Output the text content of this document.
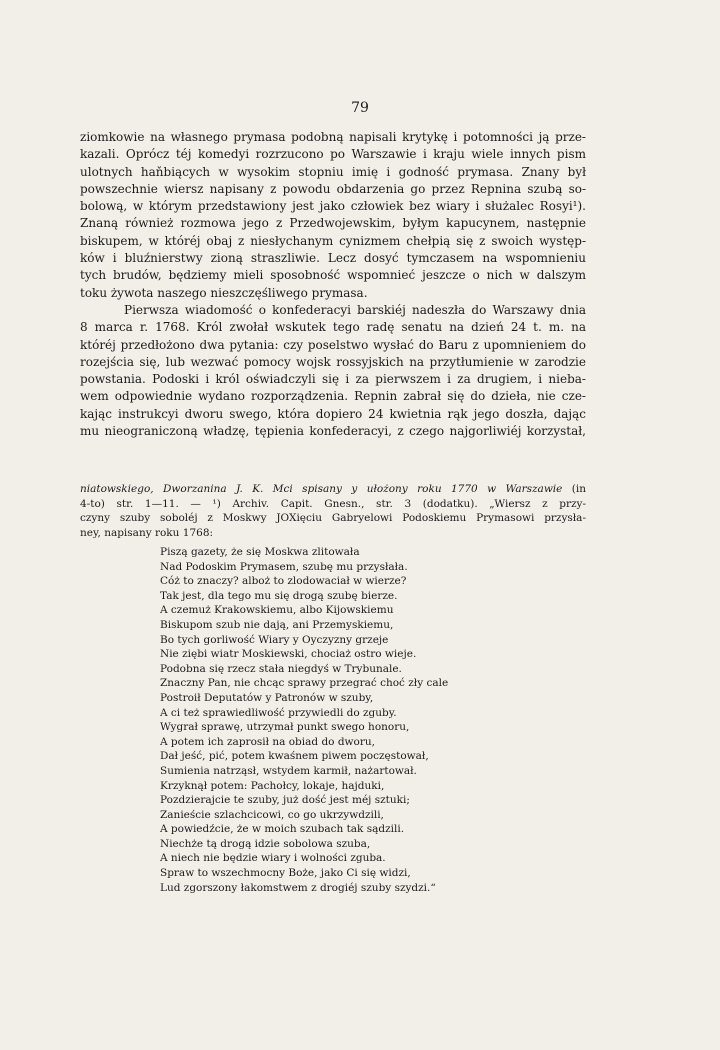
79

ziomkowie na własnego prymasa podobną napisali krytykę i potomności ją prze-
kazali. Oprócz téj komedyi rozrzucono po Warszawie i kraju wiele innych pism
ulotnych haňbiących w wysokim stopniu imię i godność prymasa. Znany był
powszechnie wiersz napisany z powodu obdarzenia go przez Repnina szubą so-
bolową, w którym przedstawiony jest jako człowiek bez wiary i służalec Rosyi¹).
Znaną również rozmowa jego z Przedwojewskim, byłym kapucynem, następnie
biskupem, w któréj obaj z niesłychanym cynizmem chełpią się z swoich występ-
ków i bluźnierstwy zioną straszliwie. Lecz dosyć tymczasem na wspomnieniu
tych brudów, będziemy mieli sposobność wspomnieć jeszcze o nich w dalszym
toku żywota naszego nieszczęśliwego prymasa.

Pierwsza wiadomość o konfederacyi barskiéj nadeszła do Warszawy dnia
8 marca r. 1768. Król zwołał wskutek tego radę senatu na dzień 24 t. m. na
któréj przedłożono dwa pytania: czy poselstwo wysłać do Baru z upomnieniem do
rozejścia się, lub wezwać pomocy wojsk rossyjskich na przytłumienie w zarodzie
powstania. Podoski i król oświadczyli się i za pierwszem i za drugiem, i nieba-
wem odpowiednie wydano rozporządzenia. Repnin zabrał się do dzieła, nie cze-
kając instrukcyi dworu swego, która dopiero 24 kwietnia rąk jego doszła, dając
mu nieograniczoną władzę, tępienia konfederacyi, z czego najgorliwiéj korzystał,

niatowskiego, Dworzanina J. K. Mci spisany y ułożony roku 1770 w Warszawie (in
4-to) str. 1—11. — ¹) Archiv. Capit. Gnesn., str. 3 (dodatku). „Wiersz z przy-
czyny szuby soboléj z Moskwy JOXięciu Gabryelowi Podoskiemu Prymasowi przysła-
ney, napisany roku 1768:
Piszą gazety, że się Moskwa zlitowała
Nad Podoskim Prymasem, szubę mu przysłała.
Cóż to znaczy? alboż to zlodowaciał w wierze?
Tak jest, dla tego mu się drogą szubę bierze.
A czemuż Krakowskiemu, albo Kijowskiemu
Biskupom szub nie dają, ani Przemyskiemu,
Bo tych gorliwość Wiary y Oyczyzny grzeje
Nie ziębi wiatr Moskiewski, chociaż ostro wieje.
Podobna się rzecz stała niegdyś w Trybunale.
Znaczny Pan, nie chcąc sprawy przegrać choć zły cale
Postroił Deputatów y Patronów w szuby,
A ci też sprawiedliwość przywiedli do zguby.
Wygrał sprawę, utrzymał punkt swego honoru,
A potem ich zaprosił na obiad do dworu,
Dał jeść, pić, potem kwaśnem piwem poczęstował,
Sumienia natrząsł, wstydem karmił, nażartował.
Krzyknął potem: Pachołcy, lokaje, hajduki,
Pozdzierajcie te szuby, już dość jest méj sztuki;
Zanieście szlachcicowi, co go ukrzywdzili,
A powiedźcie, że w moich szubach tak sądzili.
Niechże tą drogą idzie sobolowa szuba,
A niech nie będzie wiary i wolności zguba.
Spraw to wszechmocny Boże, jako Ci się widzi,
Lud zgorszony łakomstwem z drogiéj szuby szydzi.“
